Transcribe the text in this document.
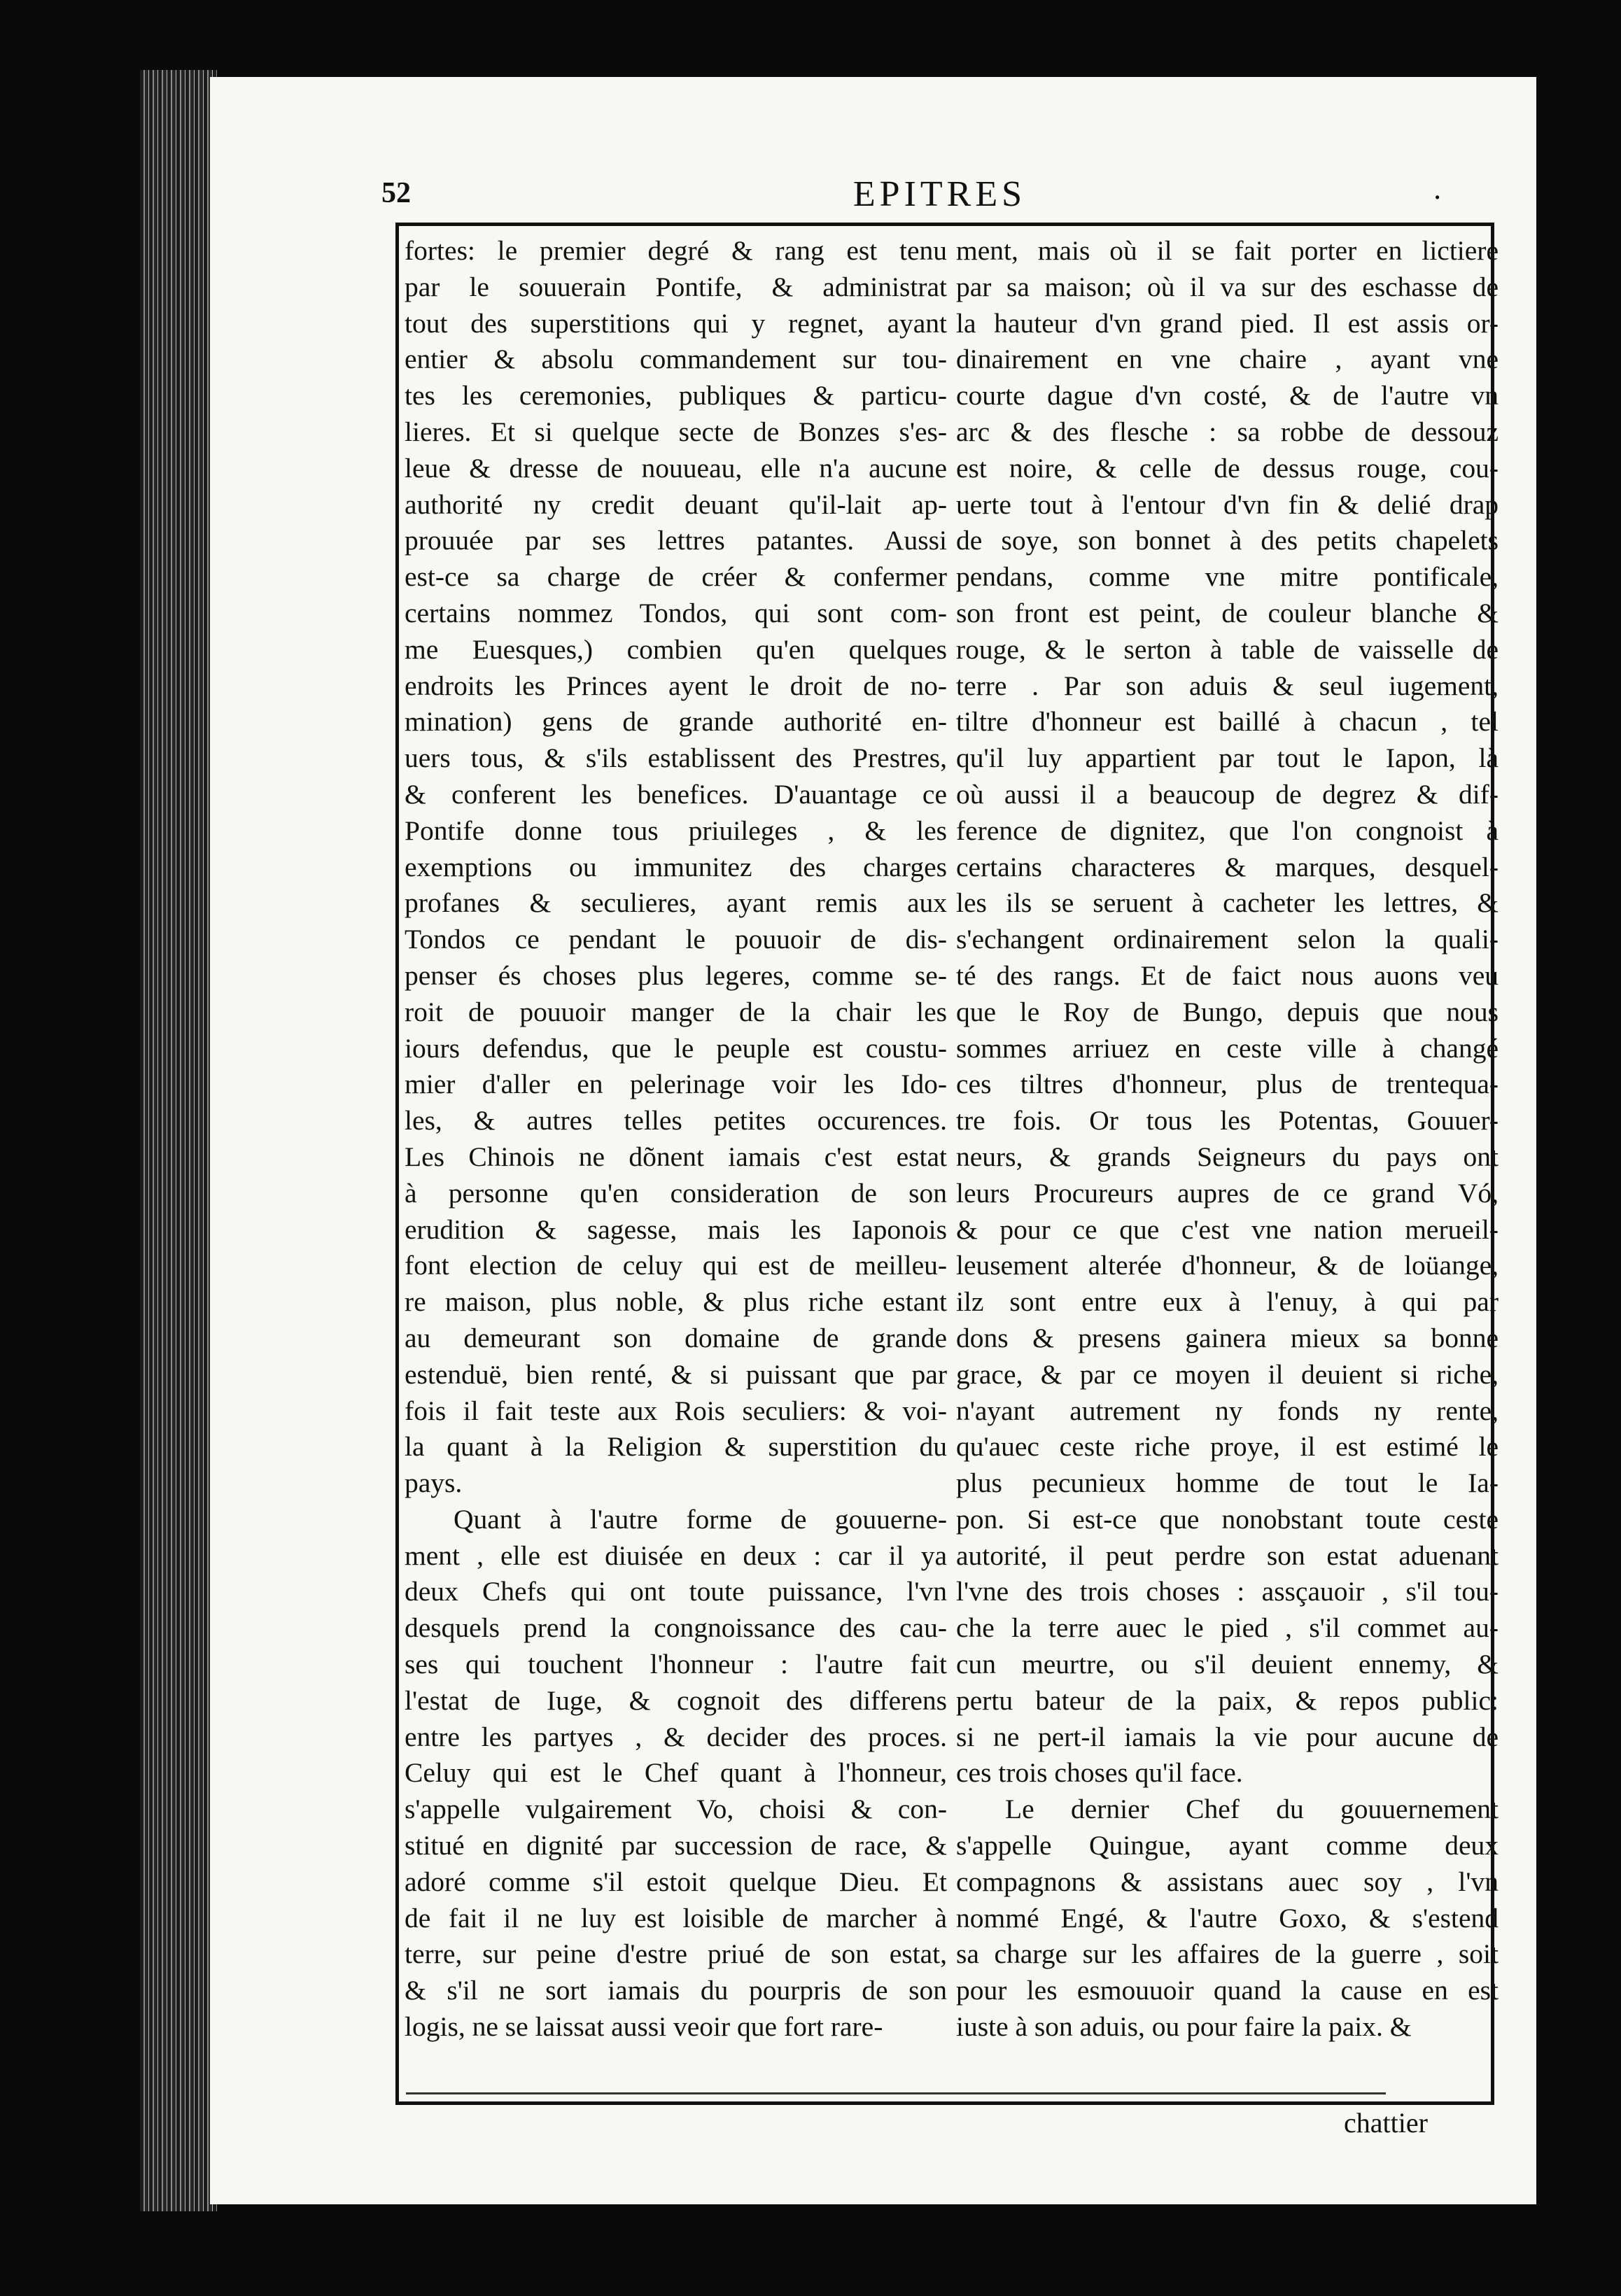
52	EPITRES	.
fortes: le premier degré & rang est tenu
par le souuerain Pontife, & administrat
tout des superstitions qui y regnet, ayant
entier & absolu commandement sur tou-
tes les ceremonies, publiques & particu-
lieres. Et si quelque secte de Bonzes s'es-
leue & dresse de nouueau, elle n'a aucune
authorité ny credit deuant qu'il-lait ap-
prouuée par ses lettres patantes. Aussi
est-ce sa charge de créer & confermer
certains nommez Tondos, qui sont com-
me Euesques,) combien qu'en quelques
endroits les Princes ayent le droit de no-
mination) gens de grande authorité en-
uers tous, & s'ils establissent des Prestres,
& conferent les benefices. D'auantage ce
Pontife donne tous priuileges , & les
exemptions ou immunitez des charges
profanes & seculieres, ayant remis aux
Tondos ce pendant le pouuoir de dis-
penser és choses plus legeres, comme se-
roit de pouuoir manger de la chair les
iours defendus, que le peuple est coustu-
mier d'aller en pelerinage voir les Ido-
les, & autres telles petites occurences.
Les Chinois ne dõnent iamais c'est estat
à personne qu'en consideration de son
erudition & sagesse, mais les Iaponois
font election de celuy qui est de meilleu-
re maison, plus noble, & plus riche estant
au demeurant son domaine de grande
estenduë, bien renté, & si puissant que par
fois il fait teste aux Rois seculiers: & voi-
la quant à la Religion & superstition du
pays.
Quant à l'autre forme de gouuerne-
ment , elle est diuisée en deux : car il ya
deux Chefs qui ont toute puissance, l'vn
desquels prend la congnoissance des cau-
ses qui touchent l'honneur : l'autre fait
l'estat de Iuge, & cognoit des differens
entre les partyes , & decider des proces.
Celuy qui est le Chef quant à l'honneur,
s'appelle vulgairement Vo, choisi & con-
stitué en dignité par succession de race, &
adoré comme s'il estoit quelque Dieu. Et
de fait il ne luy est loisible de marcher à
terre, sur peine d'estre priué de son estat,
& s'il ne sort iamais du pourpris de son
logis, ne se laissat aussi veoir que fort rare-
ment, mais où il se fait porter en lictiere
par sa maison; où il va sur des eschasse de
la hauteur d'vn grand pied. Il est assis or-
dinairement en vne chaire , ayant vne
courte dague d'vn costé, & de l'autre vn
arc & des flesche : sa robbe de dessouz
est noire, & celle de dessus rouge, cou-
uerte tout à l'entour d'vn fin & delié drap
de soye, son bonnet à des petits chapelets
pendans, comme vne mitre pontificale,
son front est peint, de couleur blanche &
rouge, & le serton à table de vaisselle de
terre . Par son aduis & seul iugement,
tiltre d'honneur est baillé à chacun , tel
qu'il luy appartient par tout le Iapon, là
où aussi il a beaucoup de degrez & dif-
ference de dignitez, que l'on congnoist à
certains characteres & marques, desquel-
les ils se seruent à cacheter les lettres, &
s'echangent ordinairement selon la quali-
té des rangs. Et de faict nous auons veu
que le Roy de Bungo, depuis que nous
sommes arriuez en ceste ville à changé
ces tiltres d'honneur, plus de trentequa-
tre fois. Or tous les Potentas, Gouuer-
neurs, & grands Seigneurs du pays ont
leurs Procureurs aupres de ce grand Vó,
& pour ce que c'est vne nation merueil-
leusement alterée d'honneur, & de loüange,
ilz sont entre eux à l'enuy, à qui par
dons & presens gainera mieux sa bonne
grace, & par ce moyen il deuient si riche,
n'ayant autrement ny fonds ny rente,
qu'auec ceste riche proye, il est estimé le
plus pecunieux homme de tout le Ia-
pon. Si est-ce que nonobstant toute ceste
autorité, il peut perdre son estat aduenant
l'vne des trois choses : assçauoir , s'il tou-
che la terre auec le pied , s'il commet au-
cun meurtre, ou s'il deuient ennemy, &
pertu bateur de la paix, & repos public:
si ne pert-il iamais la vie pour aucune de
ces trois choses qu'il face.
Le dernier Chef du gouuernement
s'appelle Quingue, ayant comme deux
compagnons & assistans auec soy , l'vn
nommé Engé, & l'autre Goxo, & s'estend
sa charge sur les affaires de la guerre , soit
pour les esmouuoir quand la cause en est
iuste à son aduis, ou pour faire la paix. &
chattier
